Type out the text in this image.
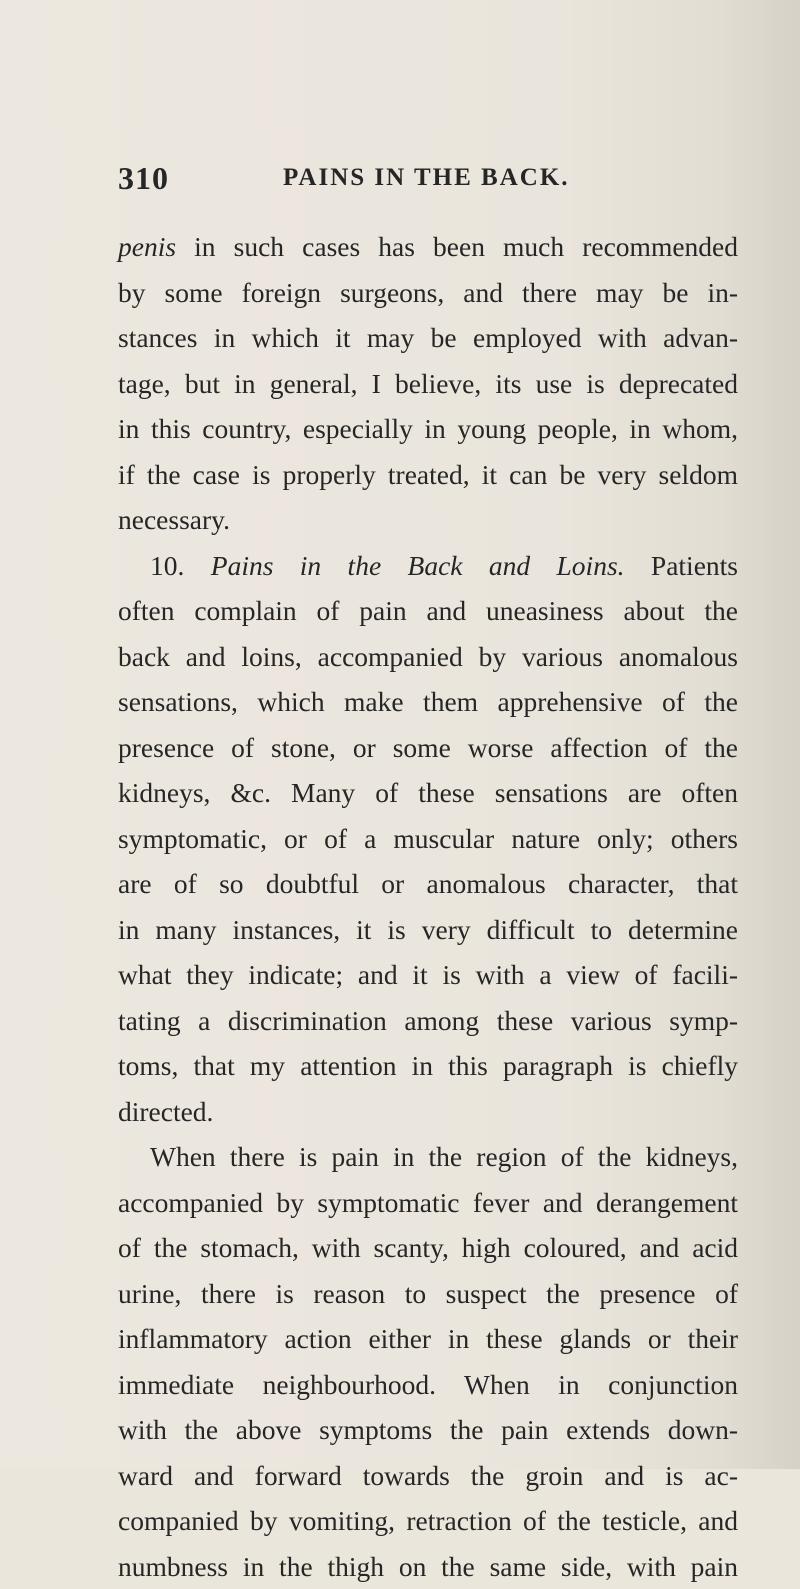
310	PAINS IN THE BACK.
penis in such cases has been much recommended
by some foreign surgeons, and there may be in-
stances in which it may be employed with advan-
tage, but in general, I believe, its use is deprecated
in this country, especially in young people, in whom,
if the case is properly treated, it can be very seldom
necessary.
10. Pains in the Back and Loins. Patients
often complain of pain and uneasiness about the
back and loins, accompanied by various anomalous
sensations, which make them apprehensive of the
presence of stone, or some worse affection of the
kidneys, &c. Many of these sensations are often
symptomatic, or of a muscular nature only; others
are of so doubtful or anomalous character, that
in many instances, it is very difficult to determine
what they indicate; and it is with a view of facili-
tating a discrimination among these various symp-
toms, that my attention in this paragraph is chiefly
directed.
When there is pain in the region of the kidneys,
accompanied by symptomatic fever and derangement
of the stomach, with scanty, high coloured, and acid
urine, there is reason to suspect the presence of
inflammatory action either in these glands or their
immediate neighbourhood. When in conjunction
with the above symptoms the pain extends down-
ward and forward towards the groin and is ac-
companied by vomiting, retraction of the testicle, and
numbness in the thigh on the same side, with pain
